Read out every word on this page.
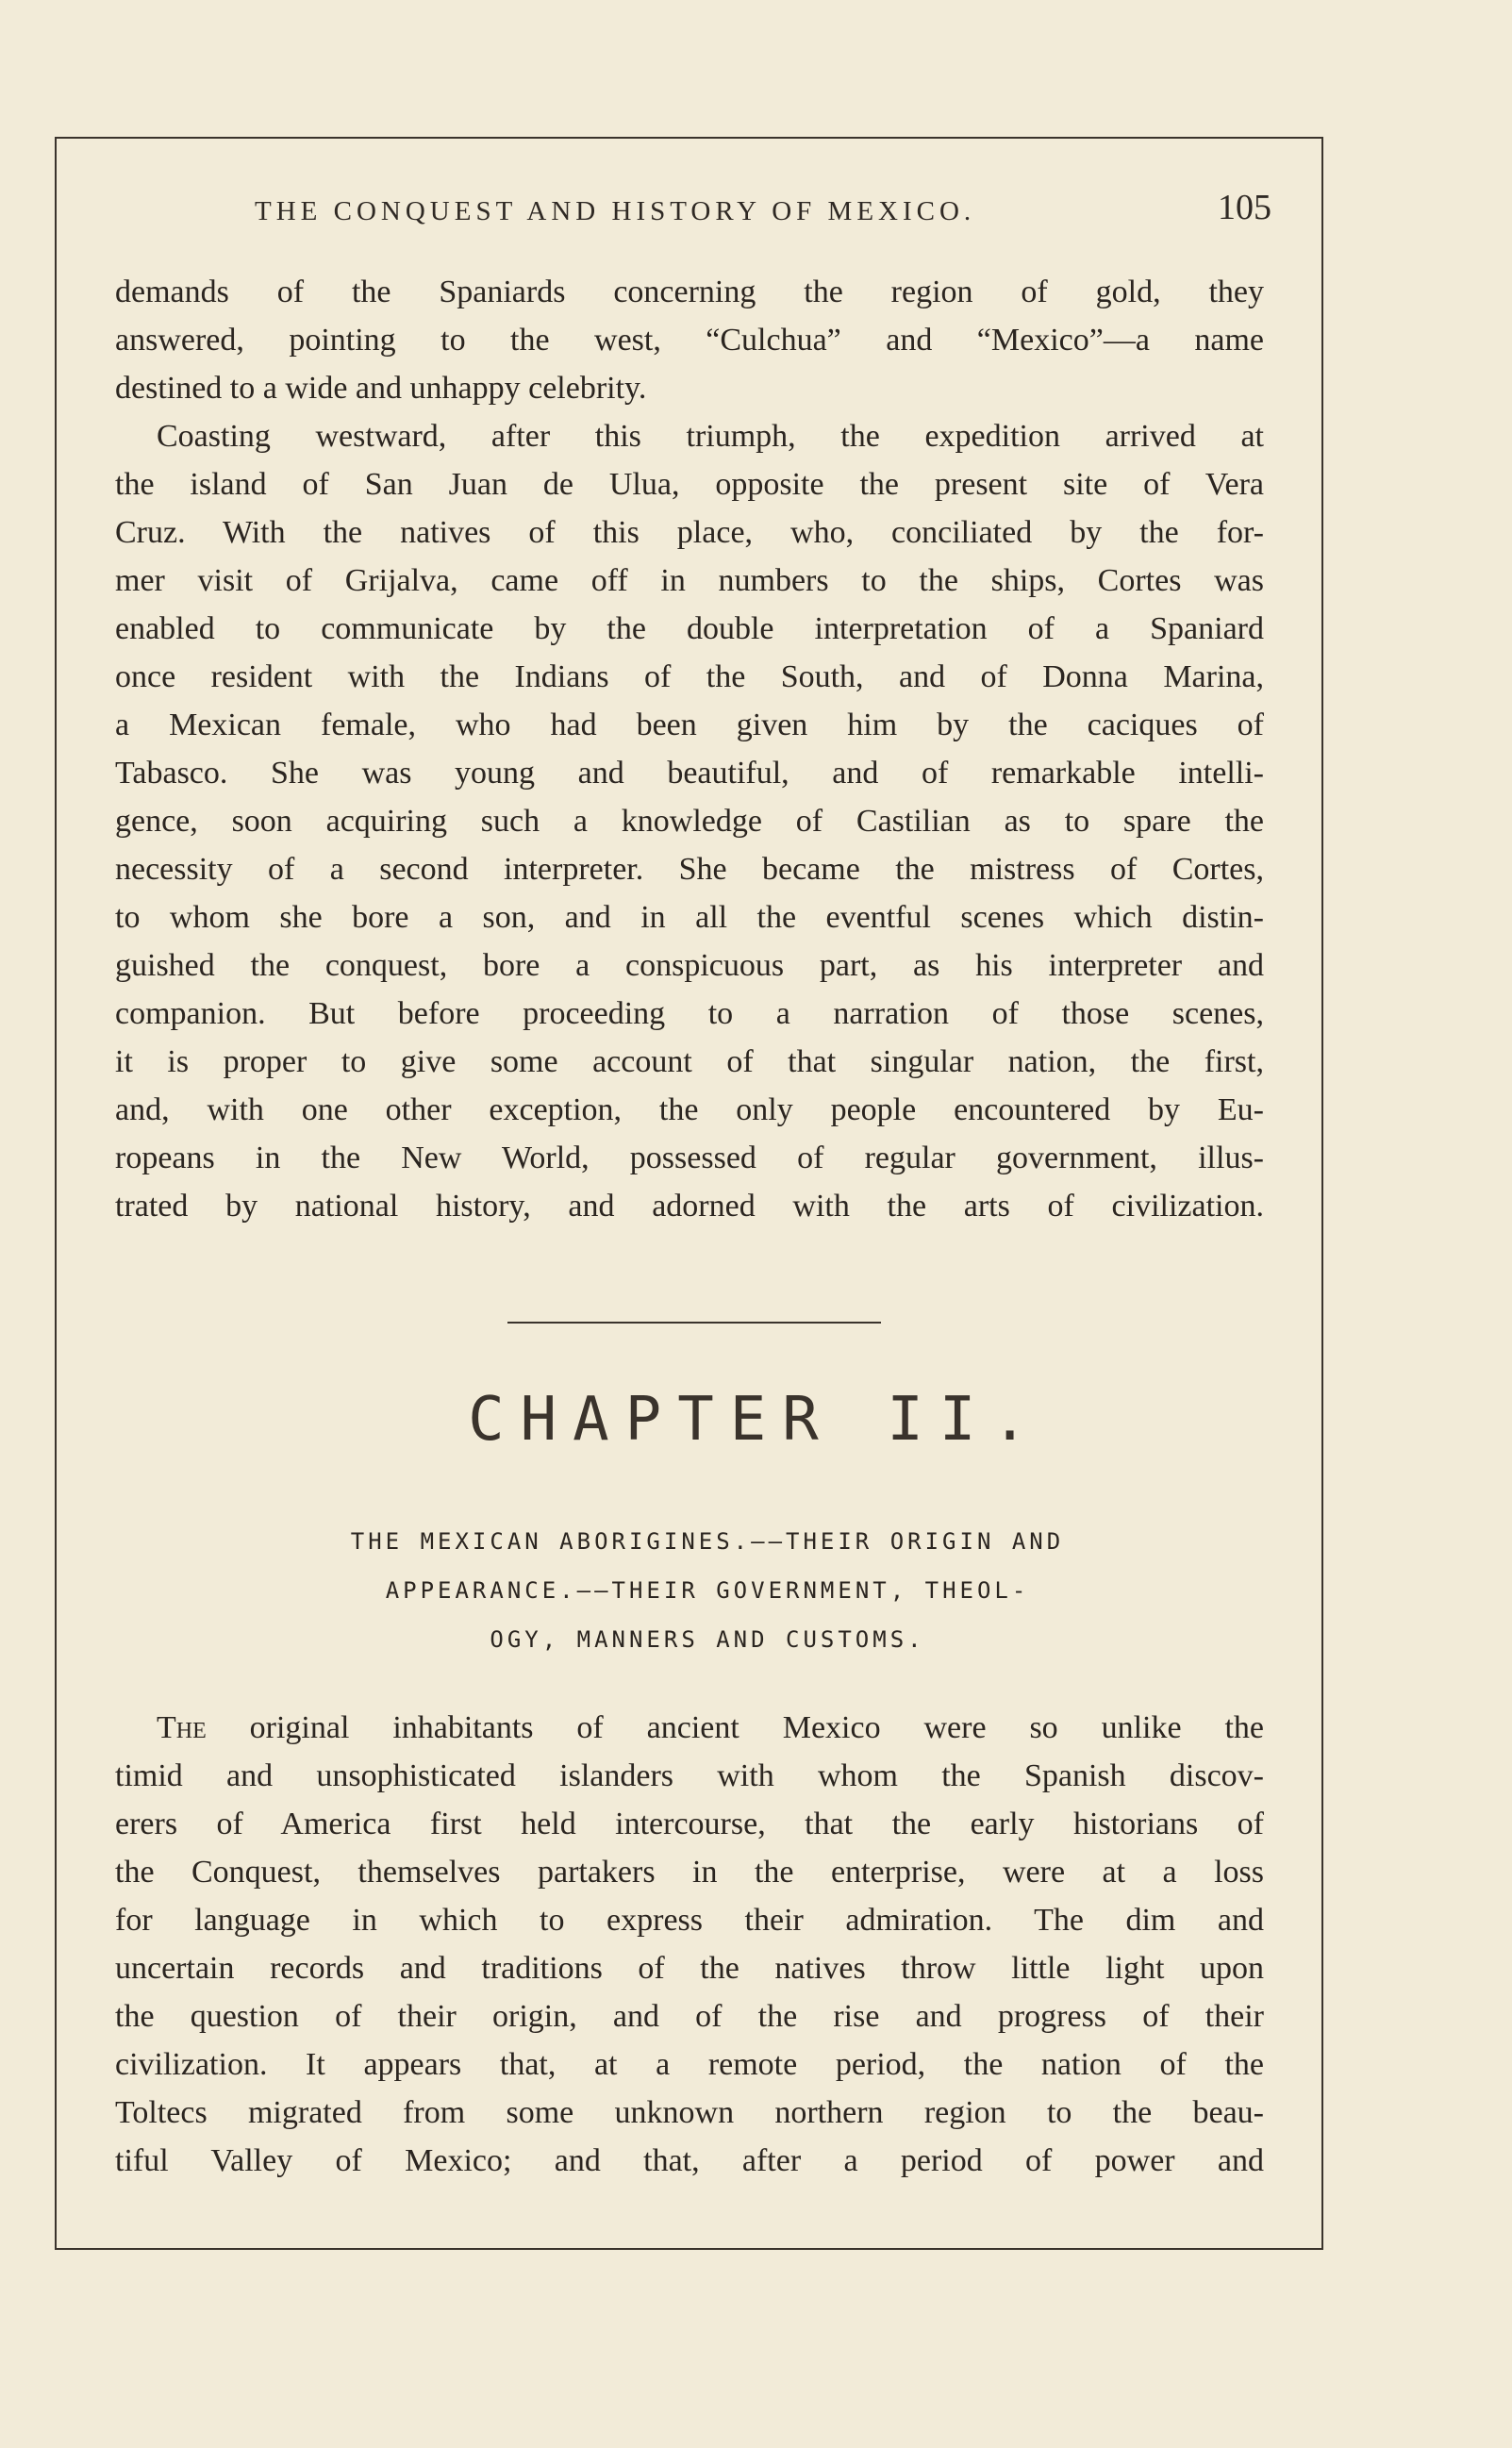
THE CONQUEST AND HISTORY OF MEXICO.	105
demands of the Spaniards concerning the region of gold, they
answered, pointing to the west, “Culchua” and “Mexico”—a name
destined to a wide and unhappy celebrity.
Coasting westward, after this triumph, the expedition arrived at
the island of San Juan de Ulua, opposite the present site of Vera
Cruz. With the natives of this place, who, conciliated by the for-
mer visit of Grijalva, came off in numbers to the ships, Cortes was
enabled to communicate by the double interpretation of a Spaniard
once resident with the Indians of the South, and of Donna Marina,
a Mexican female, who had been given him by the caciques of
Tabasco. She was young and beautiful, and of remarkable intelli-
gence, soon acquiring such a knowledge of Castilian as to spare the
necessity of a second interpreter. She became the mistress of Cortes,
to whom she bore a son, and in all the eventful scenes which distin-
guished the conquest, bore a conspicuous part, as his interpreter and
companion. But before proceeding to a narration of those scenes,
it is proper to give some account of that singular nation, the first,
and, with one other exception, the only people encountered by Eu-
ropeans in the New World, possessed of regular government, illus-
trated by national history, and adorned with the arts of civilization.
CHAPTER II.
THE MEXICAN ABORIGINES.——THEIR ORIGIN AND
APPEARANCE.——THEIR GOVERNMENT, THEOL-
OGY, MANNERS AND CUSTOMS.
The original inhabitants of ancient Mexico were so unlike the
timid and unsophisticated islanders with whom the Spanish discov-
erers of America first held intercourse, that the early historians of
the Conquest, themselves partakers in the enterprise, were at a loss
for language in which to express their admiration. The dim and
uncertain records and traditions of the natives throw little light upon
the question of their origin, and of the rise and progress of their
civilization. It appears that, at a remote period, the nation of the
Toltecs migrated from some unknown northern region to the beau-
tiful Valley of Mexico; and that, after a period of power and
